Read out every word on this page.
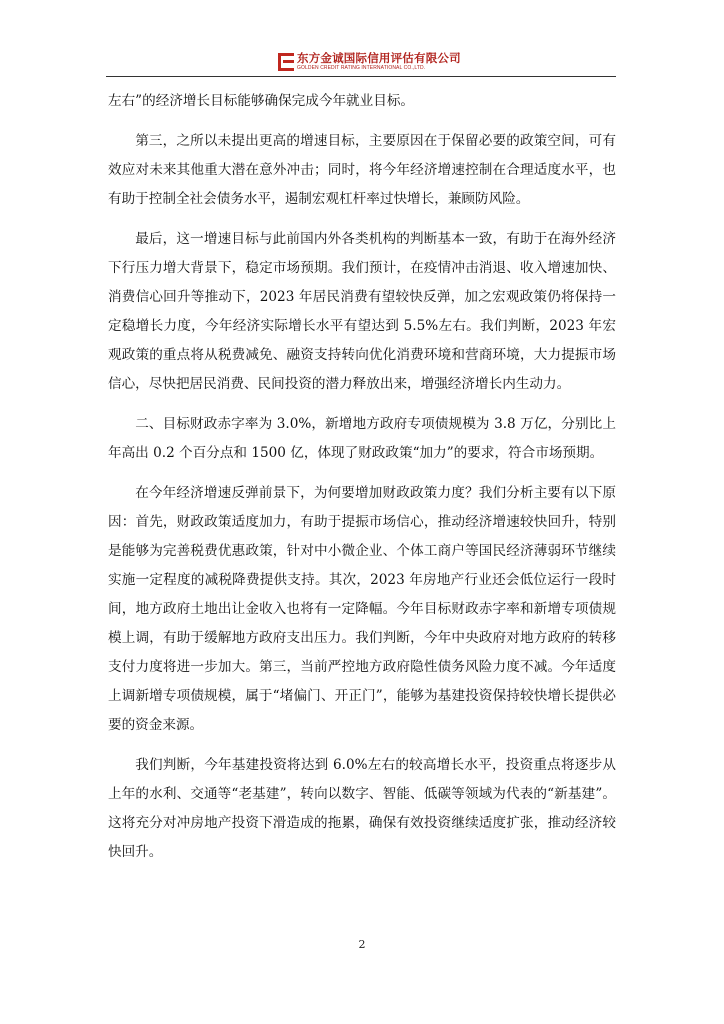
东方金诚国际信用评估有限公司
GOLDEN CREDIT RATING INTERNATIONAL CO.,LTD.

左右”的经济增长目标能够确保完成今年就业目标。

第三，之所以未提出更高的增速目标，主要原因在于保留必要的政策空间，可有效应对未来其他重大潜在意外冲击；同时，将今年经济增速控制在合理适度水平，也有助于控制全社会债务水平，遏制宏观杠杆率过快增长，兼顾防风险。

最后，这一增速目标与此前国内外各类机构的判断基本一致，有助于在海外经济下行压力增大背景下，稳定市场预期。我们预计，在疫情冲击消退、收入增速加快、消费信心回升等推动下，2023 年居民消费有望较快反弹，加之宏观政策仍将保持一定稳增长力度，今年经济实际增长水平有望达到 5.5%左右。我们判断，2023 年宏观政策的重点将从税费减免、融资支持转向优化消费环境和营商环境，大力提振市场信心，尽快把居民消费、民间投资的潜力释放出来，增强经济增长内生动力。

二、目标财政赤字率为 3.0%，新增地方政府专项债规模为 3.8 万亿，分别比上年高出 0.2 个百分点和 1500 亿，体现了财政政策“加力”的要求，符合市场预期。

在今年经济增速反弹前景下，为何要增加财政政策力度？我们分析主要有以下原因：首先，财政政策适度加力，有助于提振市场信心，推动经济增速较快回升，特别是能够为完善税费优惠政策，针对中小微企业、个体工商户等国民经济薄弱环节继续实施一定程度的减税降费提供支持。其次，2023 年房地产行业还会低位运行一段时间，地方政府土地出让金收入也将有一定降幅。今年目标财政赤字率和新增专项债规模上调，有助于缓解地方政府支出压力。我们判断，今年中央政府对地方政府的转移支付力度将进一步加大。第三，当前严控地方政府隐性债务风险力度不减。今年适度上调新增专项债规模，属于“堵偏门、开正门”，能够为基建投资保持较快增长提供必要的资金来源。

我们判断，今年基建投资将达到 6.0%左右的较高增长水平，投资重点将逐步从上年的水利、交通等“老基建”，转向以数字、智能、低碳等领域为代表的“新基建”。这将充分对冲房地产投资下滑造成的拖累，确保有效投资继续适度扩张，推动经济较快回升。

2
